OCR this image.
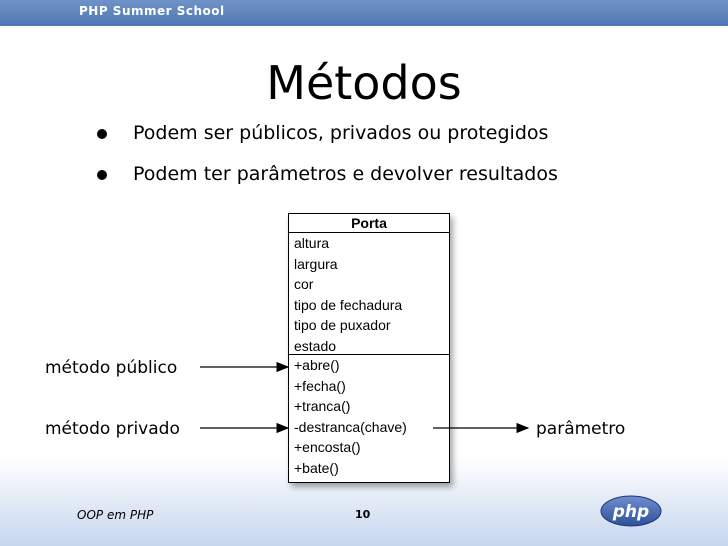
PHP Summer School
Métodos
Podem ser públicos, privados ou protegidos
Podem ter parâmetros e devolver resultados
Porta
altura
largura
cor
tipo de fechadura
tipo de puxador
estado
+abre()
+fecha()
+tranca()
-destranca(chave)
+encosta()
+bate()
método público
método privado	parâmetro
OOP em PHP	10	php
